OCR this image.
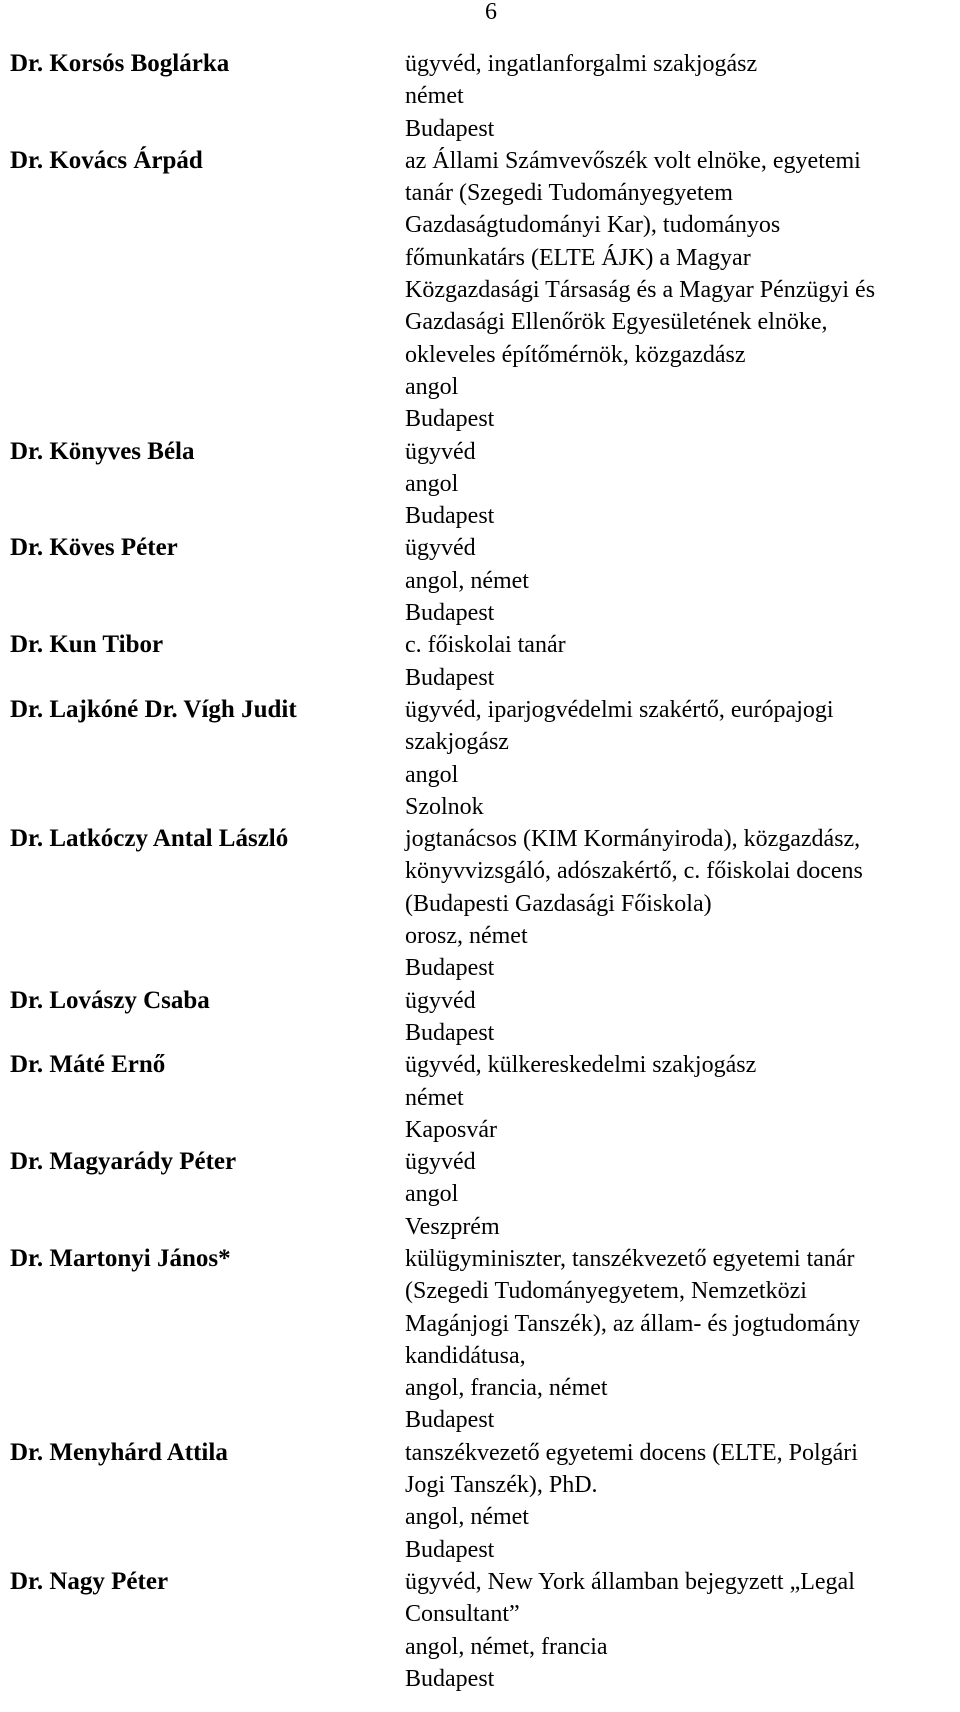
6
Dr. Korsós Boglárka	ügyvéd, ingatlanforgalmi szakjogász
német
Budapest
Dr. Kovács Árpád	az Állami Számvevőszék volt elnöke, egyetemi
tanár (Szegedi Tudományegyetem
Gazdaságtudományi Kar), tudományos
főmunkatárs (ELTE ÁJK) a Magyar
Közgazdasági Társaság és a Magyar Pénzügyi és
Gazdasági Ellenőrök Egyesületének elnöke,
okleveles építőmérnök, közgazdász
angol
Budapest
Dr. Könyves Béla	ügyvéd
angol
Budapest
Dr. Köves Péter	ügyvéd
angol, német
Budapest
Dr. Kun Tibor	c. főiskolai tanár
Budapest
Dr. Lajkóné Dr. Vígh Judit	ügyvéd, iparjogvédelmi szakértő, európajogi
szakjogász
angol
Szolnok
Dr. Latkóczy Antal László	jogtanácsos (KIM Kormányiroda), közgazdász,
könyvvizsgáló, adószakértő, c. főiskolai docens
(Budapesti Gazdasági Főiskola)
orosz, német
Budapest
Dr. Lovászy Csaba	ügyvéd
Budapest
Dr. Máté Ernő	ügyvéd, külkereskedelmi szakjogász
német
Kaposvár
Dr. Magyarády Péter	ügyvéd
angol
Veszprém
Dr. Martonyi János*	külügyminiszter, tanszékvezető egyetemi tanár
(Szegedi Tudományegyetem, Nemzetközi
Magánjogi Tanszék), az állam- és jogtudomány
kandidátusa,
angol, francia, német
Budapest
Dr. Menyhárd Attila	tanszékvezető egyetemi docens (ELTE, Polgári
Jogi Tanszék), PhD.
angol, német
Budapest
Dr. Nagy Péter	ügyvéd, New York államban bejegyzett „Legal
Consultant”
angol, német, francia
Budapest
